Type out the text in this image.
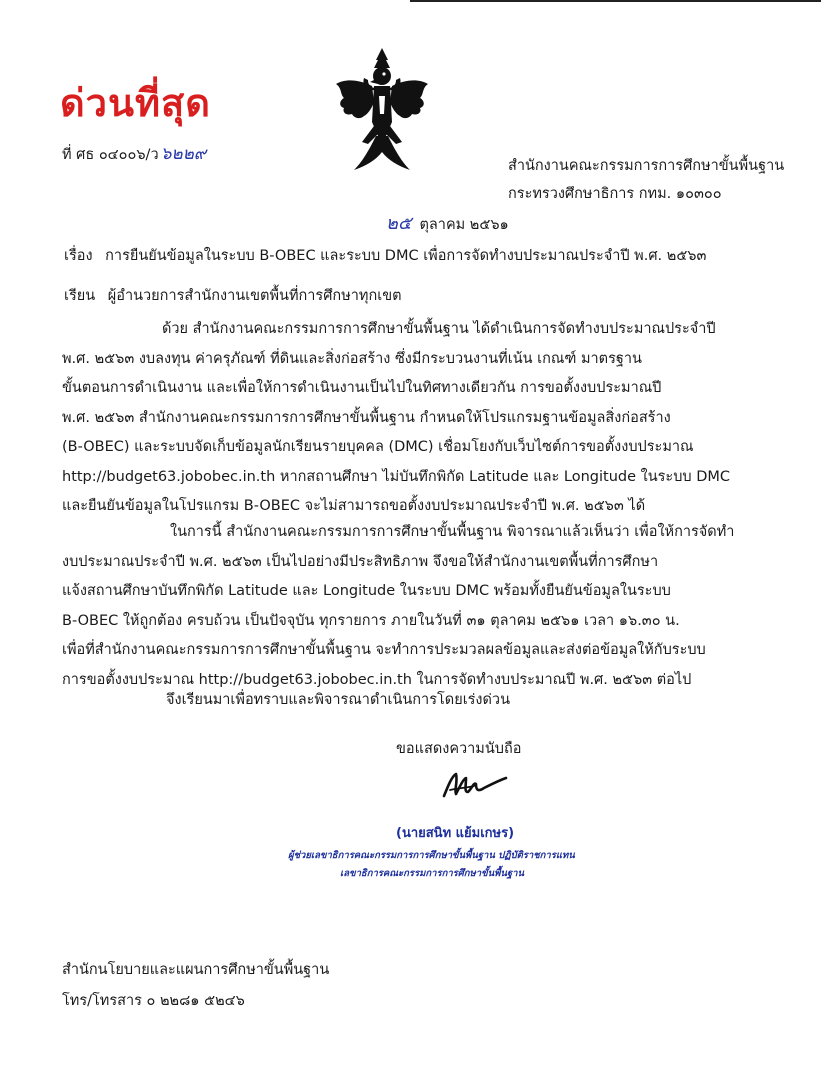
ด่วนที่สุด
ที่ ศธ ๐๔๐๐๖/ว ๖๒๒๙
สำนักงานคณะกรรมการการศึกษาขั้นพื้นฐาน
กระทรวงศึกษาธิการ กทม. ๑๐๓๐๐
๒๕ ตุลาคม ๒๕๖๑
เรื่อง การยืนยันข้อมูลในระบบ B-OBEC และระบบ DMC เพื่อการจัดทำงบประมาณประจำปี พ.ศ. ๒๕๖๓
เรียน ผู้อำนวยการสำนักงานเขตพื้นที่การศึกษาทุกเขต
ด้วย สำนักงานคณะกรรมการการศึกษาขั้นพื้นฐาน ได้ดำเนินการจัดทำงบประมาณประจำปี
พ.ศ. ๒๕๖๓ งบลงทุน ค่าครุภัณฑ์ ที่ดินและสิ่งก่อสร้าง ซึ่งมีกระบวนงานที่เน้น เกณฑ์ มาตรฐาน
ขั้นตอนการดำเนินงาน และเพื่อให้การดำเนินงานเป็นไปในทิศทางเดียวกัน การขอตั้งงบประมาณปี
พ.ศ. ๒๕๖๓ สำนักงานคณะกรรมการการศึกษาขั้นพื้นฐาน กำหนดให้โปรแกรมฐานข้อมูลสิ่งก่อสร้าง
(B-OBEC) และระบบจัดเก็บข้อมูลนักเรียนรายบุคคล (DMC) เชื่อมโยงกับเว็บไซต์การขอตั้งงบประมาณ
http://budget63.jobobec.in.th หากสถานศึกษา ไม่บันทึกพิกัด Latitude และ Longitude ในระบบ DMC
และยืนยันข้อมูลในโปรแกรม B-OBEC จะไม่สามารถขอตั้งงบประมาณประจำปี พ.ศ. ๒๕๖๓ ได้
ในการนี้ สำนักงานคณะกรรมการการศึกษาขั้นพื้นฐาน พิจารณาแล้วเห็นว่า เพื่อให้การจัดทำ
งบประมาณประจำปี พ.ศ. ๒๕๖๓ เป็นไปอย่างมีประสิทธิภาพ จึงขอให้สำนักงานเขตพื้นที่การศึกษา
แจ้งสถานศึกษาบันทึกพิกัด Latitude และ Longitude ในระบบ DMC พร้อมทั้งยืนยันข้อมูลในระบบ
B-OBEC ให้ถูกต้อง ครบถ้วน เป็นปัจจุบัน ทุกรายการ ภายในวันที่ ๓๑ ตุลาคม ๒๕๖๑ เวลา ๑๖.๓๐ น.
เพื่อที่สำนักงานคณะกรรมการการศึกษาขั้นพื้นฐาน จะทำการประมวลผลข้อมูลและส่งต่อข้อมูลให้กับระบบ
การขอตั้งงบประมาณ http://budget63.jobobec.in.th ในการจัดทำงบประมาณปี พ.ศ. ๒๕๖๓ ต่อไป
จึงเรียนมาเพื่อทราบและพิจารณาดำเนินการโดยเร่งด่วน
ขอแสดงความนับถือ
(นายสนิท แย้มเกษร)
ผู้ช่วยเลขาธิการคณะกรรมการการศึกษาขั้นพื้นฐาน ปฏิบัติราชการแทน
เลขาธิการคณะกรรมการการศึกษาขั้นพื้นฐาน
สำนักนโยบายและแผนการศึกษาขั้นพื้นฐาน
โทร/โทรสาร ๐ ๒๒๘๑ ๕๒๔๖
